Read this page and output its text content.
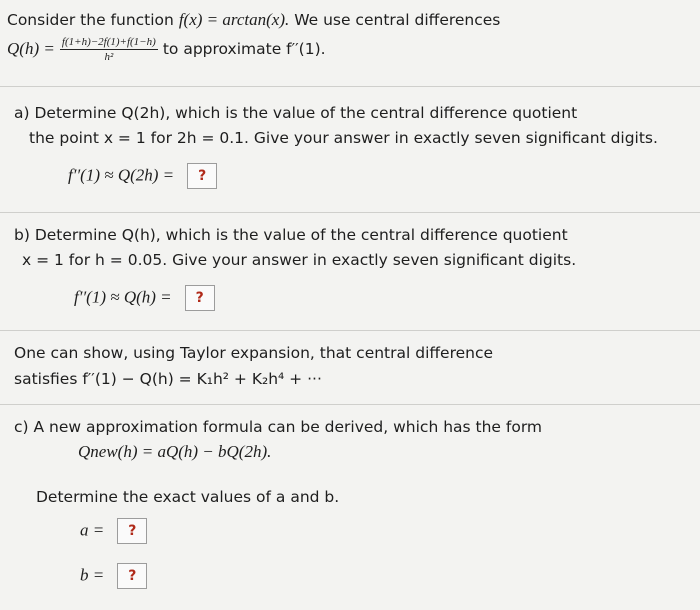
Consider the function f(x) = arctan(x). We use central differences
$Q(h) = \frac{f(1+h)-2f(1)+f(1-h)}{\text{h²}}$ to approximate f′′(1).
a) Determine Q(2h), which is the value of the central difference quotient
the point x = 1 for 2h = 0.1. Give your answer in exactly seven significant digits.
f′′(1) ≈ Q(2h) = ?
b) Determine Q(h), which is the value of the central difference quotient
x = 1 for h = 0.05. Give your answer in exactly seven significant digits.
f′′(1) ≈ Q(h) = ?
One can show, using Taylor expansion, that central difference
satisfies f′′(1) − Q(h) = K₁h² + K₂h⁴ + ···
c) A new approximation formula can be derived, which has the form
Qnew(h) = aQ(h) − bQ(2h).
Determine the exact values of a and b.
a = ?
b = ?
